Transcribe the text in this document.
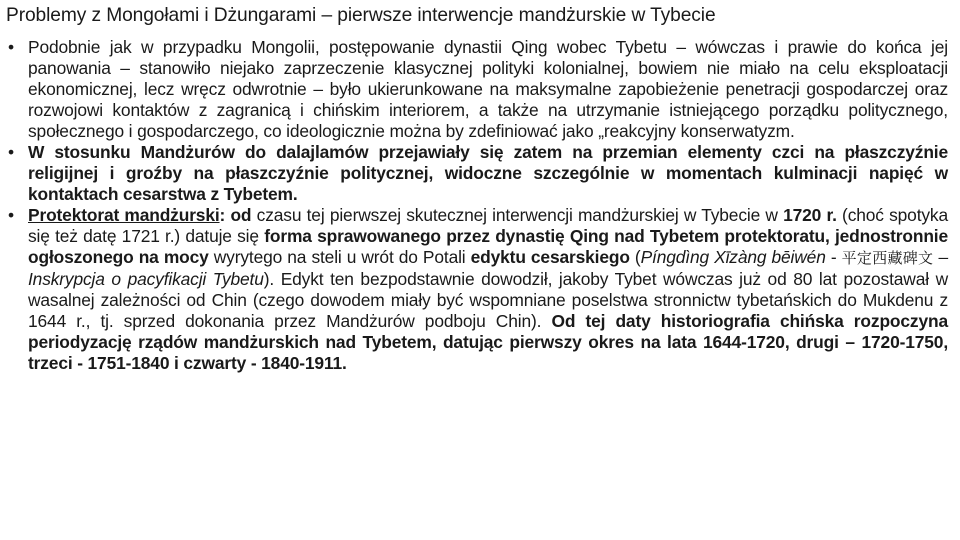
Problemy z Mongołami i Dżungarami – pierwsze interwencje mandżurskie w Tybecie
• Podobnie jak w przypadku Mongolii, postępowanie dynastii Qing wobec Tybetu – wówczas i prawie do końca jej panowania – stanowiło niejako zaprzeczenie klasycznej polityki kolonialnej, bowiem nie miało na celu eksploatacji ekonomicznej, lecz wręcz odwrotnie – było ukierunkowane na maksymalne zapobieżenie penetracji gospodarczej oraz rozwojowi kontaktów z zagranicą i chińskim interiorem, a także na utrzymanie istniejącego porządku politycznego, społecznego i gospodarczego, co ideologicznie można by zdefiniować jako „reakcyjny konserwatyzm.
• W stosunku Mandżurów do dalajlamów przejawiały się zatem na przemian elementy czci na płaszczyźnie religijnej i groźby na płaszczyźnie politycznej, widoczne szczególnie w momentach kulminacji napięć w kontaktach cesarstwa z Tybetem.
• Protektorat mandżurski: od czasu tej pierwszej skutecznej interwencji mandżurskiej w Tybecie w 1720 r. (choć spotyka się też datę 1721 r.) datuje się forma sprawowanego przez dynastię Qing nad Tybetem protektoratu, jednostronnie ogłoszonego na mocy wyrytego na steli u wrót do Potali edyktu cesarskiego (Píngdìng Xīzàng bēiwén - 平定西藏碑文 – Inskrypcja o pacyfikacji Tybetu). Edykt ten bezpodstawnie dowodził, jakoby Tybet wówczas już od 80 lat pozostawał w wasalnej zależności od Chin (czego dowodem miały być wspomniane poselstwa stronnictw tybetańskich do Mukdenu z 1644 r., tj. sprzed dokonania przez Mandżurów podboju Chin). Od tej daty historiografia chińska rozpoczyna periodyzację rządów mandżurskich nad Tybetem, datując pierwszy okres na lata 1644-1720, drugi – 1720-1750, trzeci - 1751-1840 i czwarty - 1840-1911.
